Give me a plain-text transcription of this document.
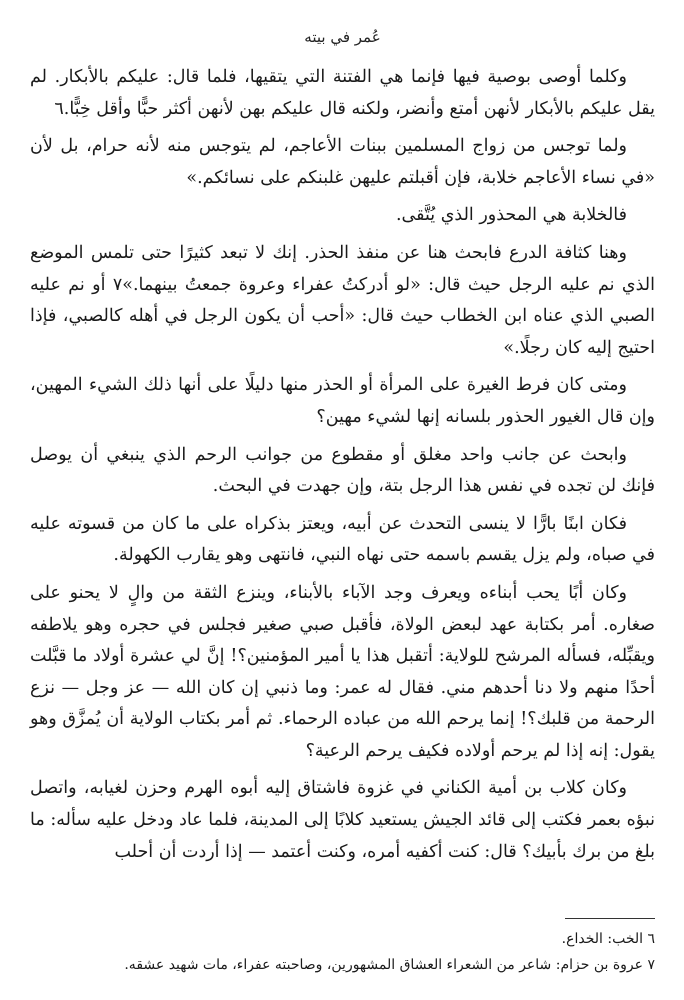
عُمر في بيته

وكلما أوصى بوصية فيها فإنما هي الفتنة التي يتقيها، فلما قال: عليكم بالأبكار. لم يقل عليكم بالأبكار لأنهن أمتع وأنضر، ولكنه قال عليكم بهن لأنهن أكثر حبًّا وأقل خِبًّا.٦

ولما توجس من زواج المسلمين ببنات الأعاجم، لم يتوجس منه لأنه حرام، بل لأن «في نساء الأعاجم خلابة، فإن أقبلتم عليهن غلبنكم على نسائكم.»

فالخلابة هي المحذور الذي يُتَّقى.

وهنا كثافة الدرع فابحث هنا عن منفذ الحذر. إنك لا تبعد كثيرًا حتى تلمس الموضع الذي نم عليه الرجل حيث قال: «لو أدركتُ عفراء وعروة جمعتُ بينهما.»٧ أو نم عليه الصبي الذي عناه ابن الخطاب حيث قال: «أحب أن يكون الرجل في أهله كالصبي، فإذا احتيج إليه كان رجلًا.»

ومتى كان فرط الغيرة على المرأة أو الحذر منها دليلًا على أنها ذلك الشيء المهين، وإن قال الغيور الحذور بلسانه إنها لشيء مهين؟

وابحث عن جانب واحد مغلق أو مقطوع من جوانب الرحم الذي ينبغي أن يوصل فإنك لن تجده في نفس هذا الرجل بتة، وإن جهدت في البحث.

فكان ابنًا بارًّا لا ينسى التحدث عن أبيه، ويعتز بذكراه على ما كان من قسوته عليه في صباه، ولم يزل يقسم باسمه حتى نهاه النبي، فانتهى وهو يقارب الكهولة.

وكان أبًا يحب أبناءه ويعرف وجد الآباء بالأبناء، وينزع الثقة من والٍ لا يحنو على صغاره. أمر بكتابة عهد لبعض الولاة، فأقبل صبي صغير فجلس في حجره وهو يلاطفه ويقبِّله، فسأله المرشح للولاية: أتقبل هذا يا أمير المؤمنين؟! إنَّ لي عشرة أولاد ما قبَّلت أحدًا منهم ولا دنا أحدهم مني. فقال له عمر: وما ذنبي إن كان الله — عز وجل — نزع الرحمة من قلبك؟! إنما يرحم الله من عباده الرحماء. ثم أمر بكتاب الولاية أن يُمزَّق وهو يقول: إنه إذا لم يرحم أولاده فكيف يرحم الرعية؟

وكان كلاب بن أمية الكناني في غزوة فاشتاق إليه أبوه الهرم وحزن لغيابه، واتصل نبؤه بعمر فكتب إلى قائد الجيش يستعيد كلابًا إلى المدينة، فلما عاد ودخل عليه سأله: ما بلغ من برك بأبيك؟ قال: كنت أكفيه أمره، وكنت أعتمد — إذا أردت أن أحلب

٦ الخب: الخداع.
٧ عروة بن حزام: شاعر من الشعراء العشاق المشهورين، وصاحبته عفراء، مات شهيد عشقه.
